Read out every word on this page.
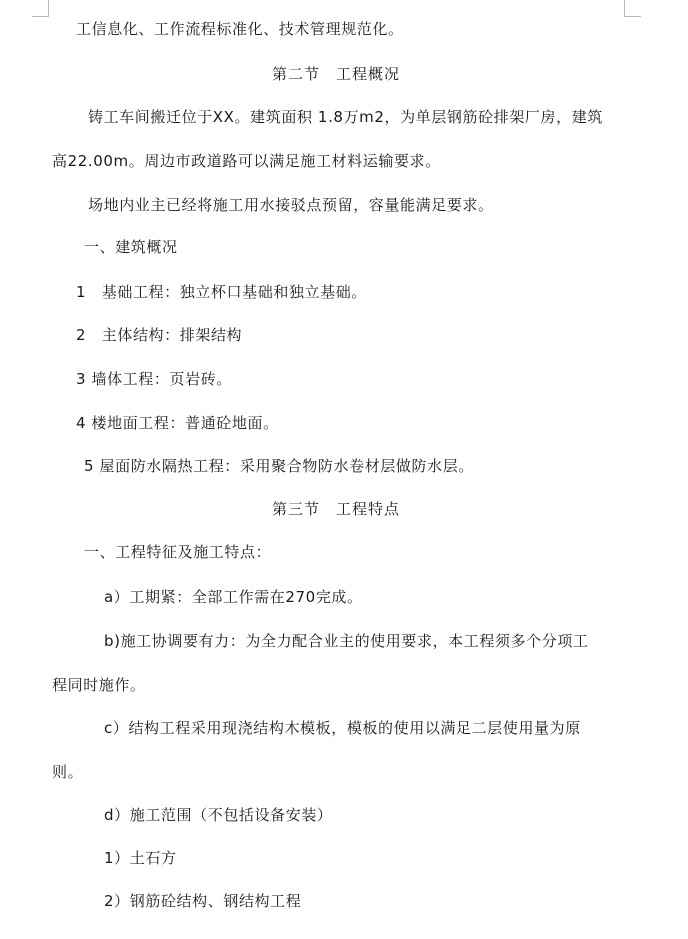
工信息化、工作流程标准化、技术管理规范化。
第二节　工程概况
铸工车间搬迁位于XX。建筑面积 1.8万m2，为单层钢筋砼排架厂房，建筑
高22.00m。周边市政道路可以满足施工材料运输要求。
场地内业主已经将施工用水接驳点预留，容量能满足要求。
一、建筑概况
1　基础工程：独立杯口基础和独立基础。
2　主体结构：排架结构
3 墙体工程：页岩砖。
4 楼地面工程：普通砼地面。
5 屋面防水隔热工程：采用聚合物防水卷材层做防水层。
第三节　工程特点
一、工程特征及施工特点：
a）工期紧：全部工作需在270完成。
b)施工协调要有力：为全力配合业主的使用要求，本工程须多个分项工
程同时施作。
c）结构工程采用现浇结构木模板，模板的使用以满足二层使用量为原
则。
d）施工范围（不包括设备安装）
1）土石方
2）钢筋砼结构、钢结构工程
